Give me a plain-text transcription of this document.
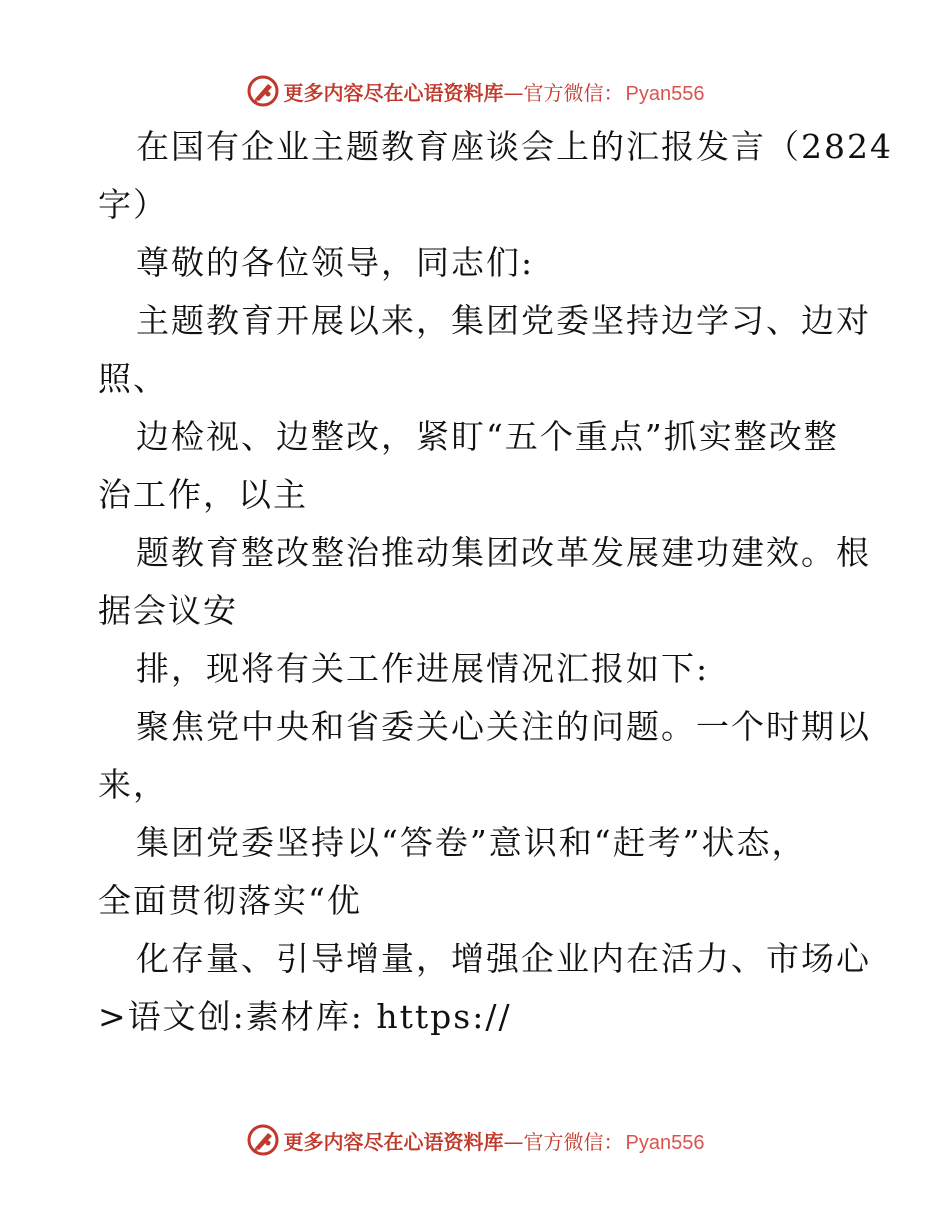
更多内容尽在心语资料库 — 官方微信： Pyan556
在国有企业主题教育座谈会上的汇报发言（2824
字）
尊敬的各位领导，同志们:
主题教育开展以来，集团党委坚持边学习、边对
照、
边检视、边整改，紧盯“五个重点”抓实整改整
治工作，以主
题教育整改整治推动集团改革发展建功建效。根
据会议安
排，现将有关工作进展情况汇报如下:
聚焦党中央和省委关心关注的问题。一个时期以
来，
集团党委坚持以“答卷”意识和“赶考”状态，
全面贯彻落实“优
化存量、引导增量，增强企业内在活力、市场心
>语文创:素材库: https://
更多内容尽在心语资料库 — 官方微信： Pyan556
